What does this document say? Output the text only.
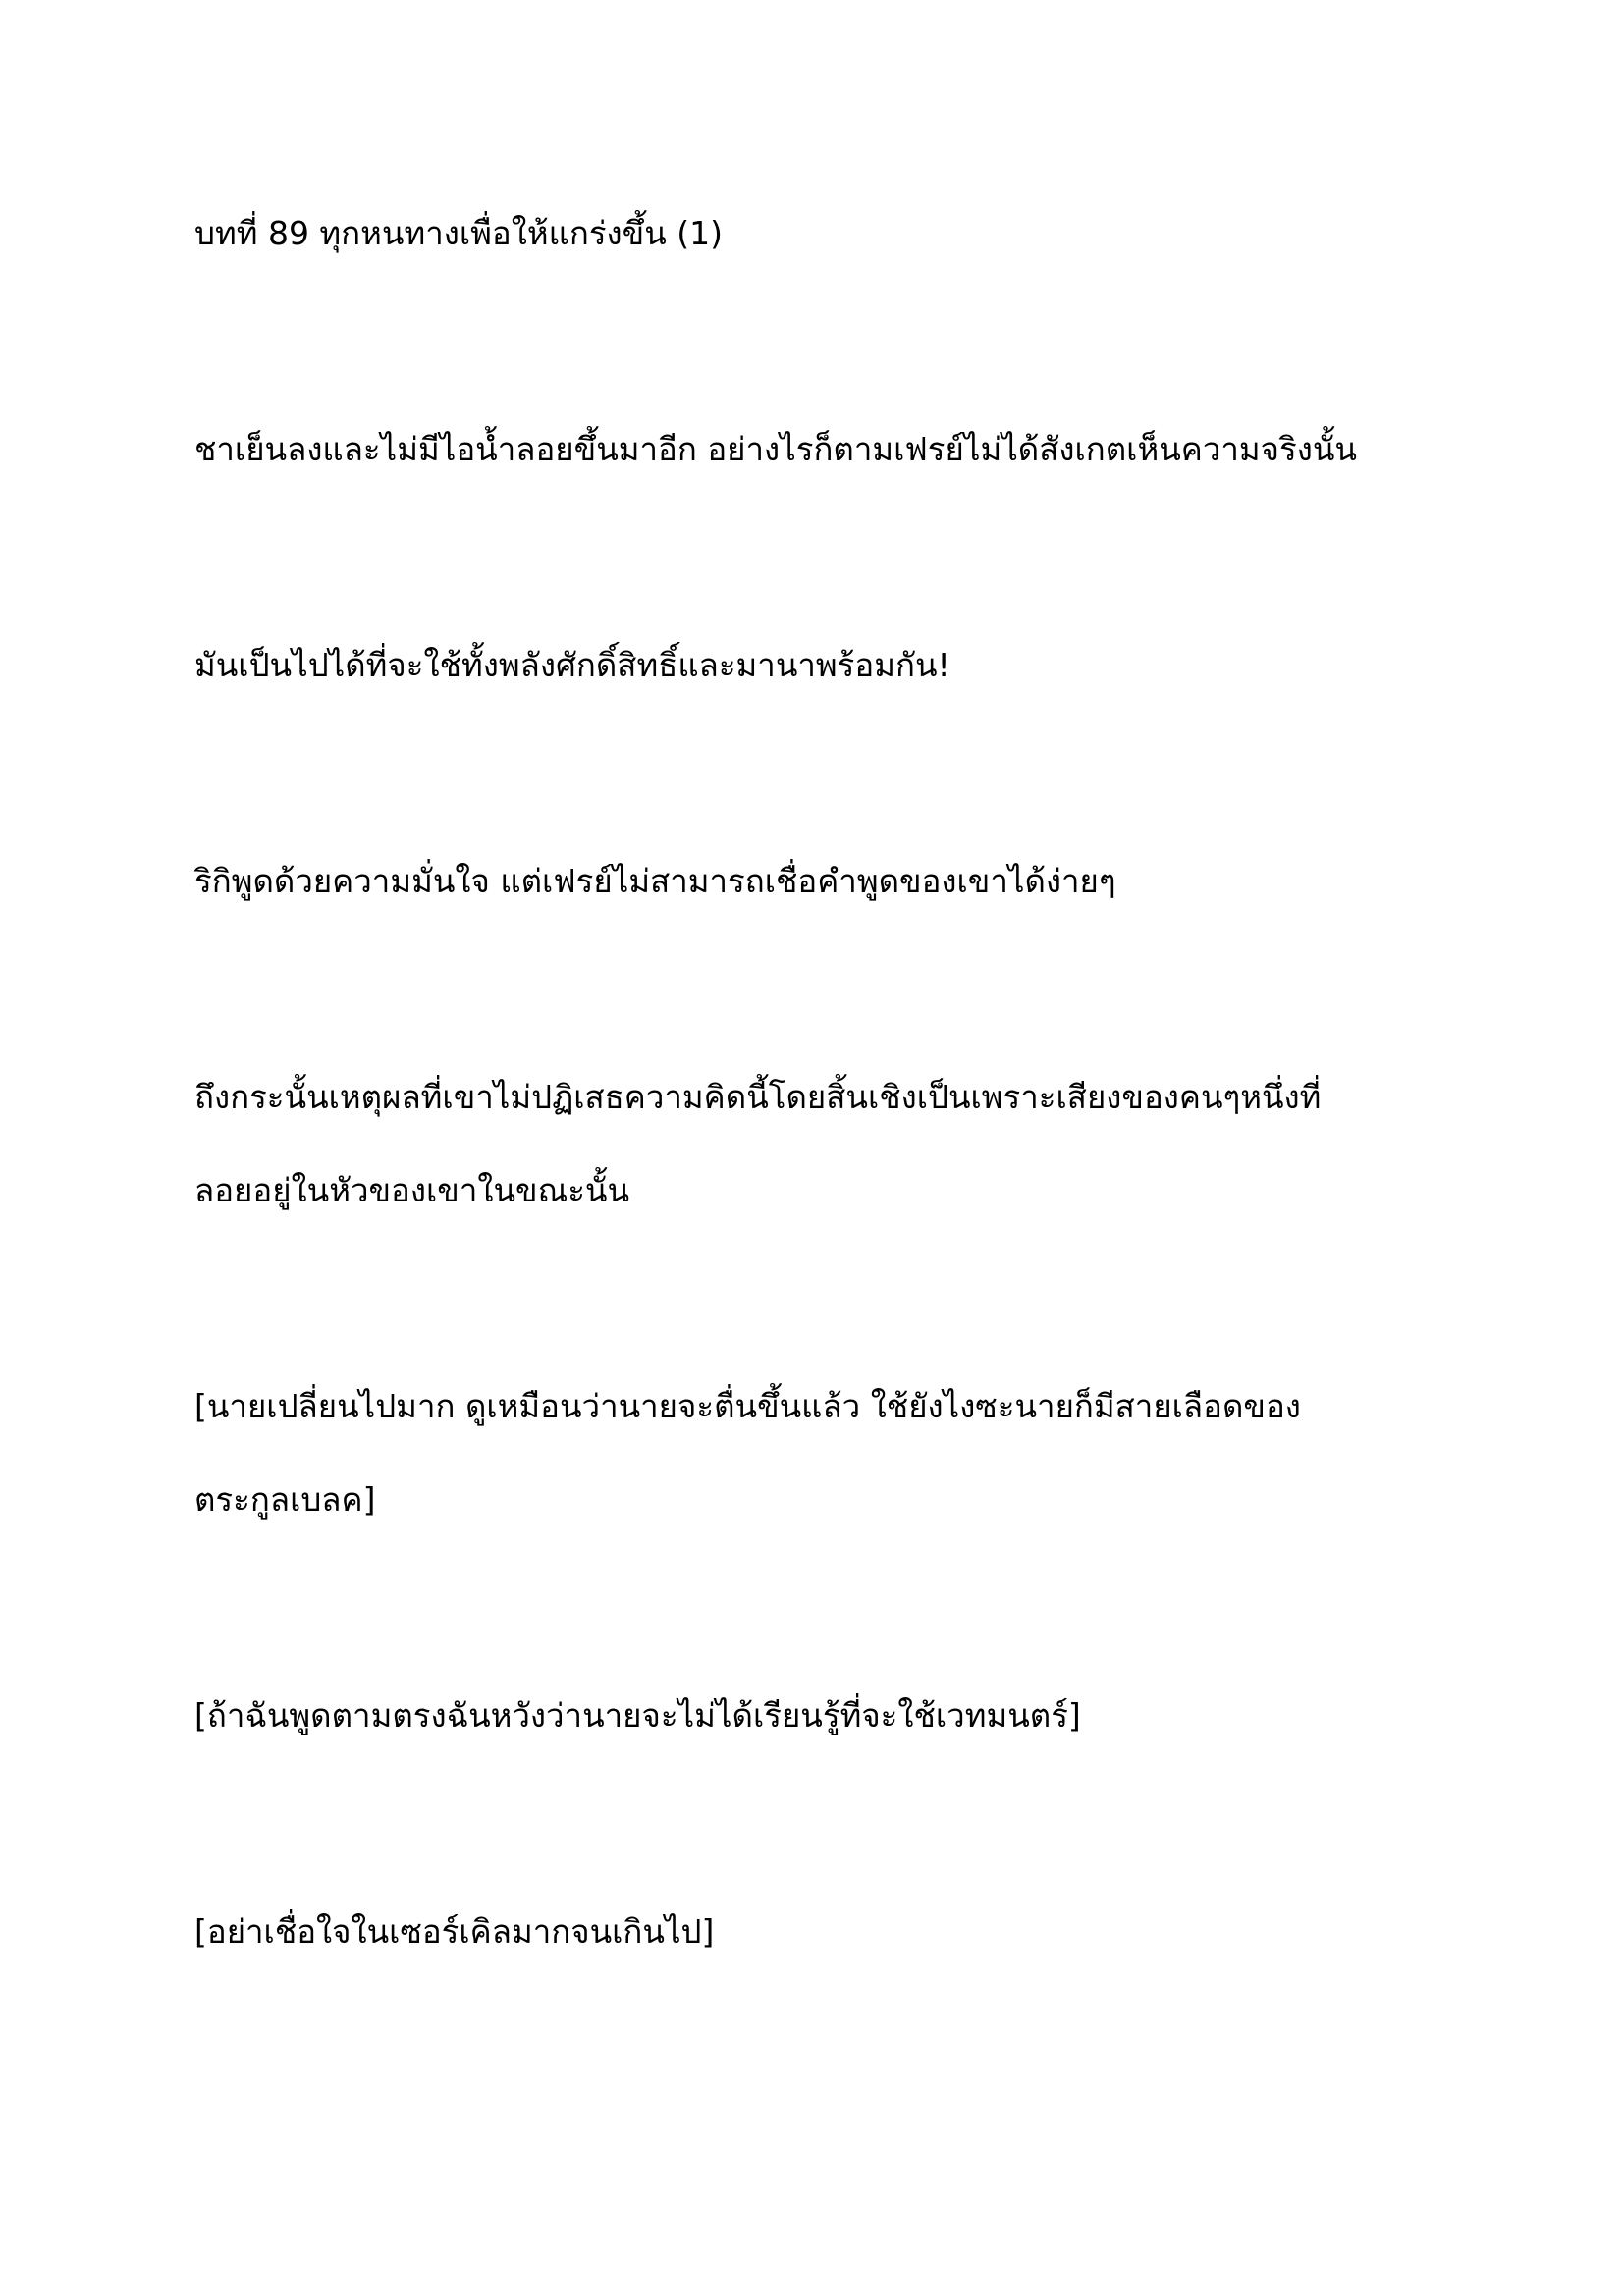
บทที่ 89 ทุกหนทางเพื่อให้แกร่งขึ้น (1)

ชาเย็นลงและไม่มีไอน้ำลอยขึ้นมาอีก อย่างไรก็ตามเฟรย์ไม่ได้สังเกตเห็นความจริงนั้น

มันเป็นไปได้ที่จะใช้ทั้งพลังศักดิ์สิทธิ์และมานาพร้อมกัน!

ริกิพูดด้วยความมั่นใจ แต่เฟรย์ไม่สามารถเชื่อคำพูดของเขาได้ง่ายๆ

ถึงกระนั้นเหตุผลที่เขาไม่ปฏิเสธความคิดนี้โดยสิ้นเชิงเป็นเพราะเสียงของคนๆหนึ่งที่

ลอยอยู่ในหัวของเขาในขณะนั้น

[นายเปลี่ยนไปมาก ดูเหมือนว่านายจะตื่นขึ้นแล้ว ใช้ยังไงซะนายก็มีสายเลือดของ

ตระกูลเบลค]

[ถ้าฉันพูดตามตรงฉันหวังว่านายจะไม่ได้เรียนรู้ที่จะใช้เวทมนตร์]

[อย่าเชื่อใจในเซอร์เคิลมากจนเกินไป]
